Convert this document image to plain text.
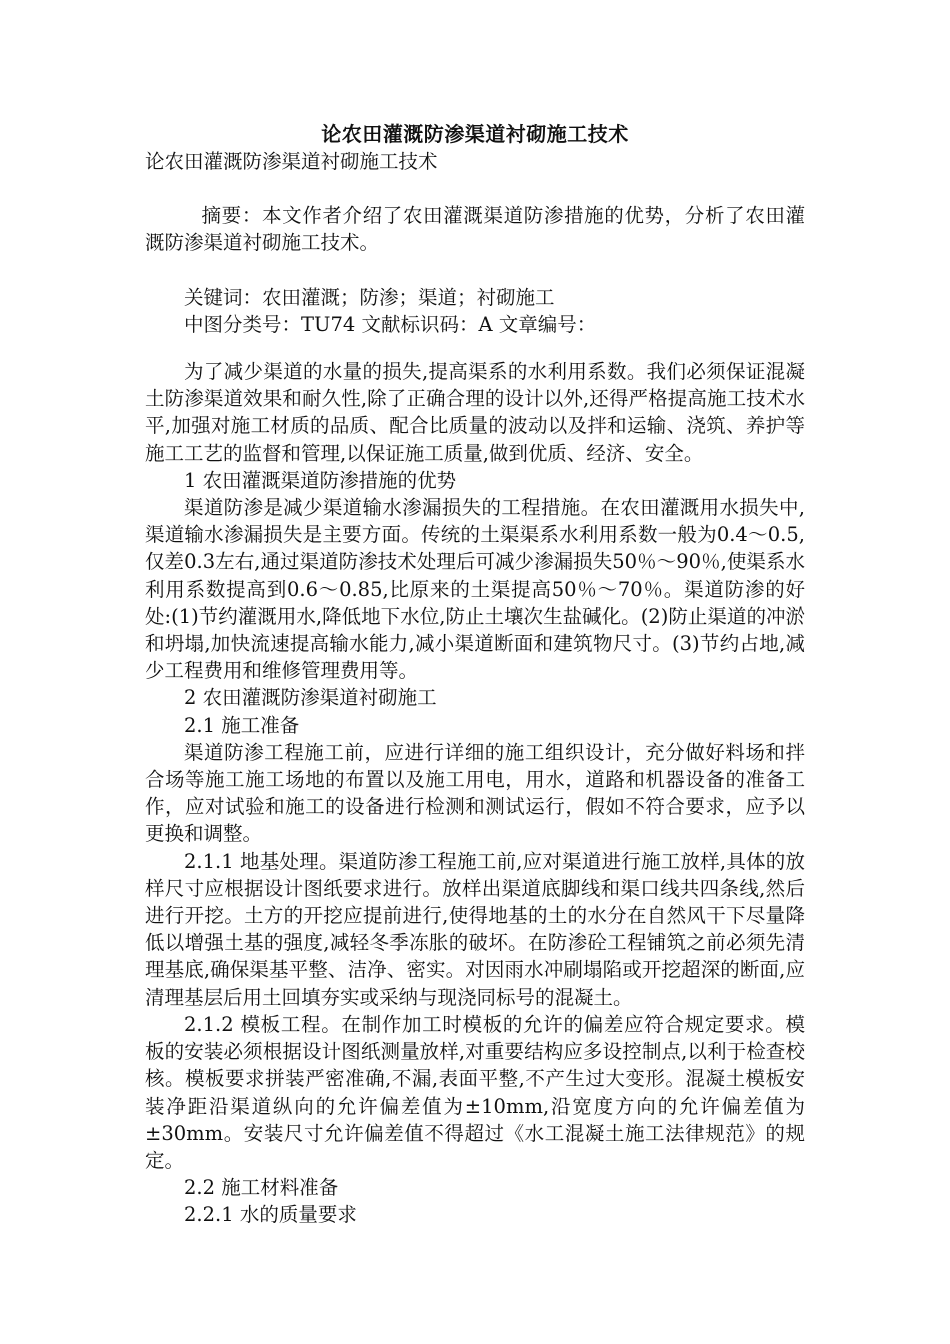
论农田灌溉防渗渠道衬砌施工技术

论农田灌溉防渗渠道衬砌施工技术

摘要：本文作者介绍了农田灌溉渠道防渗措施的优势，分析了农田灌溉防渗渠道衬砌施工技术。

关键词：农田灌溉；防渗；渠道；衬砌施工

中图分类号：TU74 文献标识码：A 文章编号：

为了减少渠道的水量的损失,提高渠系的水利用系数。我们必须保证混凝土防渗渠道效果和耐久性,除了正确合理的设计以外,还得严格提高施工技术水平,加强对施工材质的品质、配合比质量的波动以及拌和运输、浇筑、养护等施工工艺的监督和管理,以保证施工质量,做到优质、经济、安全。

1 农田灌溉渠道防渗措施的优势

渠道防渗是减少渠道输水渗漏损失的工程措施。在农田灌溉用水损失中,渠道输水渗漏损失是主要方面。传统的土渠渠系水利用系数一般为0.4～0.5,仅差0.3左右,通过渠道防渗技术处理后可减少渗漏损失50％～90％,使渠系水利用系数提高到0.6～0.85,比原来的土渠提高50％～70％。渠道防渗的好处:(1)节约灌溉用水,降低地下水位,防止土壤次生盐碱化。(2)防止渠道的冲淤和坍塌,加快流速提高输水能力,减小渠道断面和建筑物尺寸。(3)节约占地,减少工程费用和维修管理费用等。

2 农田灌溉防渗渠道衬砌施工

2.1 施工准备

渠道防渗工程施工前，应进行详细的施工组织设计，充分做好料场和拌合场等施工施工场地的布置以及施工用电，用水，道路和机器设备的准备工作，应对试验和施工的设备进行检测和测试运行，假如不符合要求，应予以更换和调整。

2.1.1 地基处理。渠道防渗工程施工前,应对渠道进行施工放样,具体的放样尺寸应根据设计图纸要求进行。放样出渠道底脚线和渠口线共四条线,然后进行开挖。土方的开挖应提前进行,使得地基的土的水分在自然风干下尽量降低以增强土基的强度,减轻冬季冻胀的破坏。在防渗砼工程铺筑之前必须先清理基底,确保渠基平整、洁净、密实。对因雨水冲刷塌陷或开挖超深的断面,应清理基层后用土回填夯实或采纳与现浇同标号的混凝土。

2.1.2 模板工程。在制作加工时模板的允许的偏差应符合规定要求。模板的安装必须根据设计图纸测量放样,对重要结构应多设控制点,以利于检查校核。模板要求拼装严密准确,不漏,表面平整,不产生过大变形。混凝土模板安装净距沿渠道纵向的允许偏差值为±10mm,沿宽度方向的允许偏差值为±30mm。安装尺寸允许偏差值不得超过《水工混凝土施工法律规范》的规定。

2.2 施工材料准备

2.2.1 水的质量要求
